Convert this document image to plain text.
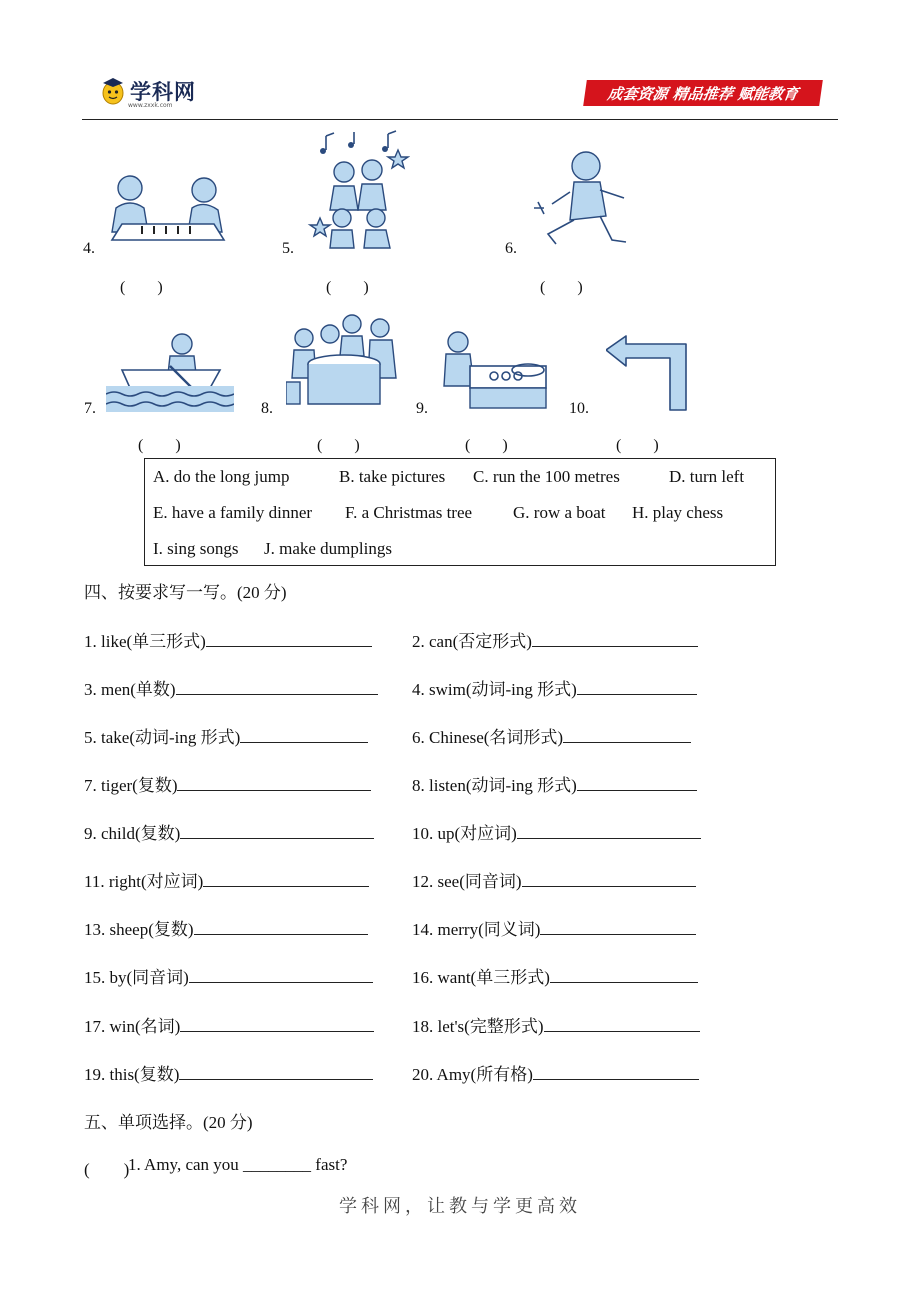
学科网
www.zxxk.com
成套资源 精品推荐 赋能教育
4.
(　　)
5.
(　　)
6.
(　　)
7.
(　　)
8.
(　　)
9.
(　　)
10.
(　　)
A. do the long jump	B. take pictures C. run the 100 metres	D. turn left
E. have a family dinner F. a Christmas tree G. row a boat H. play chess
I. sing songs J. make dumplings
四、按要求写一写。(20 分)
1. like(单三形式)	2. can(否定形式)
3. men(单数)	4. swim(动词-ing 形式)
5. take(动词-ing 形式)	6. Chinese(名词形式)
7. tiger(复数)	8. listen(动词-ing 形式)
9. child(复数)	10. up(对应词)
11. right(对应词)	12. see(同音词)
13. sheep(复数)	14. merry(同义词)
15. by(同音词)	16. want(单三形式)
17. win(名词)	18. let's(完整形式)
19. this(复数)	20. Amy(所有格)
五、单项选择。(20 分)
(　　)
1. Amy, can you ________ fast?
学科网，让教与学更高效
